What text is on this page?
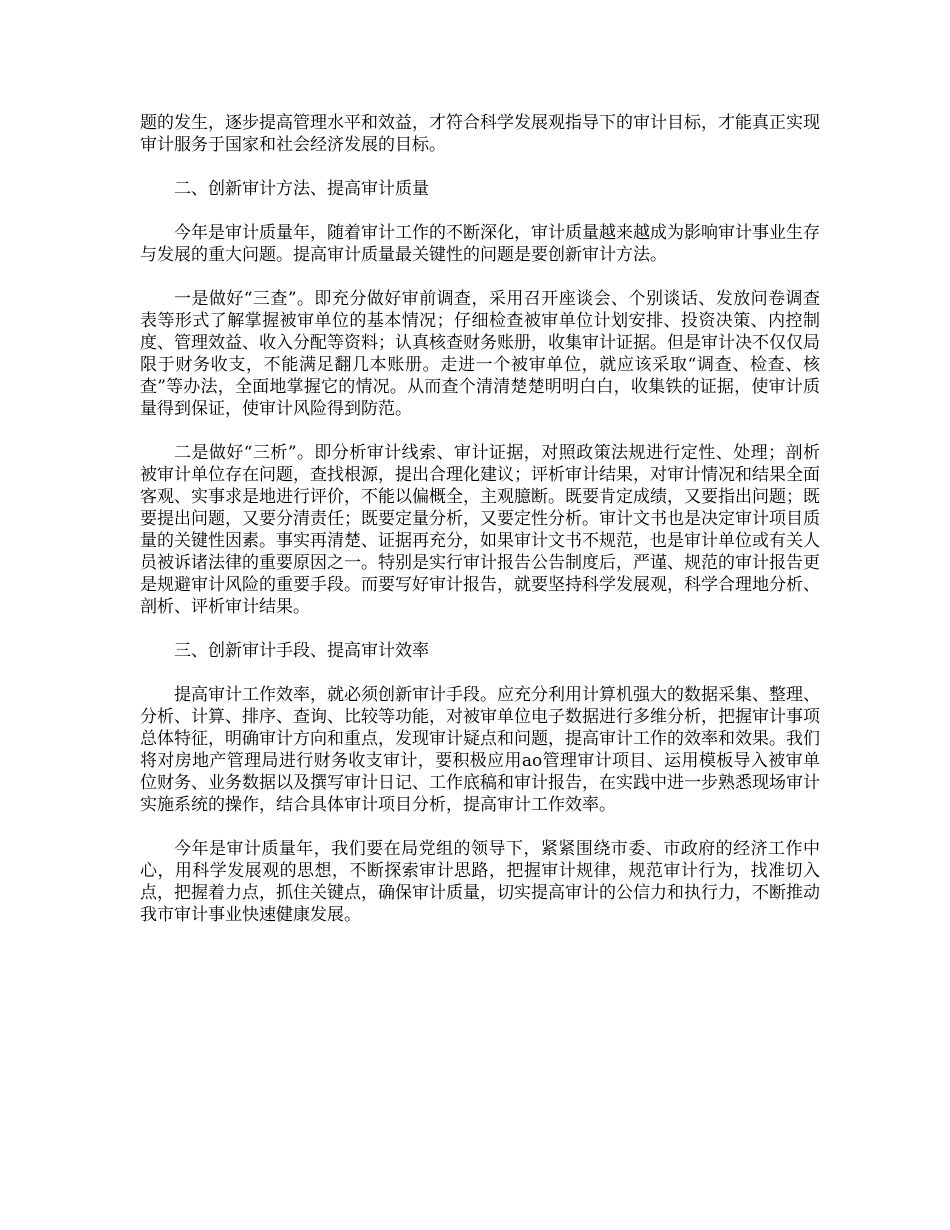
题的发生，逐步提高管理水平和效益，才符合科学发展观指导下的审计目标，才能真正实现审计服务于国家和社会经济发展的目标。

二、创新审计方法、提高审计质量

今年是审计质量年，随着审计工作的不断深化，审计质量越来越成为影响审计事业生存与发展的重大问题。提高审计质量最关键性的问题是要创新审计方法。

一是做好“三查”。即充分做好审前调查，采用召开座谈会、个别谈话、发放问卷调查表等形式了解掌握被审单位的基本情况；仔细检查被审单位计划安排、投资决策、内控制度、管理效益、收入分配等资料；认真核查财务账册，收集审计证据。但是审计决不仅仅局限于财务收支，不能满足翻几本账册。走进一个被审单位，就应该采取“调查、检查、核查”等办法，全面地掌握它的情况。从而查个清清楚楚明明白白，收集铁的证据，使审计质量得到保证，使审计风险得到防范。

二是做好“三析”。即分析审计线索、审计证据，对照政策法规进行定性、处理；剖析被审计单位存在问题，查找根源，提出合理化建议；评析审计结果，对审计情况和结果全面客观、实事求是地进行评价，不能以偏概全，主观臆断。既要肯定成绩，又要指出问题；既要提出问题，又要分清责任；既要定量分析，又要定性分析。审计文书也是决定审计项目质量的关键性因素。事实再清楚、证据再充分，如果审计文书不规范，也是审计单位或有关人员被诉诸法律的重要原因之一。特别是实行审计报告公告制度后，严谨、规范的审计报告更是规避审计风险的重要手段。而要写好审计报告，就要坚持科学发展观，科学合理地分析、剖析、评析审计结果。

三、创新审计手段、提高审计效率

提高审计工作效率，就必须创新审计手段。应充分利用计算机强大的数据采集、整理、分析、计算、排序、查询、比较等功能，对被审单位电子数据进行多维分析，把握审计事项总体特征，明确审计方向和重点，发现审计疑点和问题，提高审计工作的效率和效果。我们将对房地产管理局进行财务收支审计，要积极应用ao管理审计项目、运用模板导入被审单位财务、业务数据以及撰写审计日记、工作底稿和审计报告，在实践中进一步熟悉现场审计实施系统的操作，结合具体审计项目分析，提高审计工作效率。

今年是审计质量年，我们要在局党组的领导下，紧紧围绕市委、市政府的经济工作中心，用科学发展观的思想，不断探索审计思路，把握审计规律，规范审计行为，找准切入点，把握着力点，抓住关键点，确保审计质量，切实提高审计的公信力和执行力，不断推动我市审计事业快速健康发展。
